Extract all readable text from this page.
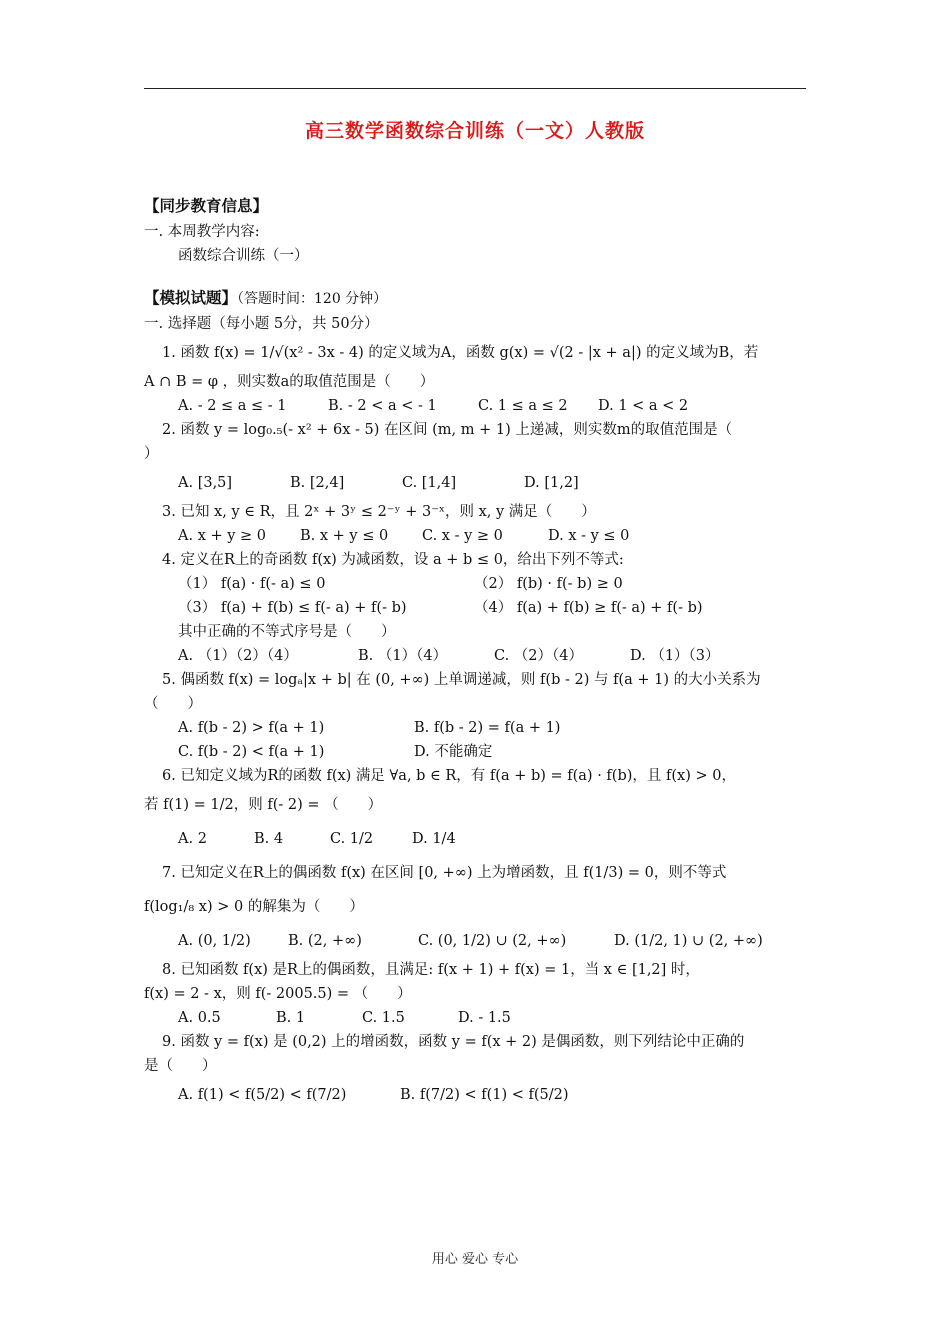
高三数学函数综合训练（一文）人教版
【同步教育信息】
一. 本周教学内容:
函数综合训练（一）
【模拟试题】（答题时间：120 分钟）
一. 选择题（每小题 5分，共 50分）
1. 函数 f(x) = 1/√(x² - 3x - 4) 的定义域为A，函数 g(x) = √(2 - |x + a|) 的定义域为B，若
A ∩ B = φ ，则实数a的取值范围是（　　）
A. - 2 ≤ a ≤ - 1	B. - 2 < a < - 1	C. 1 ≤ a ≤ 2 D. 1 < a < 2
2. 函数 y = log₀.₅(- x² + 6x - 5) 在区间 (m, m + 1) 上递减，则实数m的取值范围是（
）
A. [3,5]	B. [2,4]	C. [1,4]	D. [1,2]
3. 已知 x, y ∈ R，且 2ˣ + 3ʸ ≤ 2⁻ʸ + 3⁻ˣ，则 x, y 满足（　　）
A. x + y ≥ 0 B. x + y ≤ 0 C. x - y ≥ 0	D. x - y ≤ 0
4. 定义在R上的奇函数 f(x) 为减函数，设 a + b ≤ 0，给出下列不等式:
（1） f(a) · f(- a) ≤ 0	（2） f(b) · f(- b) ≥ 0
（3） f(a) + f(b) ≤ f(- a) + f(- b)	（4） f(a) + f(b) ≥ f(- a) + f(- b)
其中正确的不等式序号是（　　）
A. （1）（2）（4）	B. （1）（4）	C. （2）（4）	D. （1）（3）
5. 偶函数 f(x) = logₐ|x + b| 在 (0, +∞) 上单调递减，则 f(b - 2) 与 f(a + 1) 的大小关系为
（　　）
A. f(b - 2) > f(a + 1)	B. f(b - 2) = f(a + 1)
C. f(b - 2) < f(a + 1)	D. 不能确定
6. 已知定义域为R的函数 f(x) 满足 ∀a, b ∈ R，有 f(a + b) = f(a) · f(b)，且 f(x) > 0，
若 f(1) = 1/2，则 f(- 2) = （　　）
A. 2	B. 4	C. 1/2	D. 1/4
7. 已知定义在R上的偶函数 f(x) 在区间 [0, +∞) 上为增函数，且 f(1/3) = 0，则不等式
f(log₁/₈ x) > 0 的解集为（　　）
A. (0, 1/2)	B. (2, +∞)	C. (0, 1/2) ∪ (2, +∞)	D. (1/2, 1) ∪ (2, +∞)
8. 已知函数 f(x) 是R上的偶函数，且满足: f(x + 1) + f(x) = 1，当 x ∈ [1,2] 时，
f(x) = 2 - x，则 f(- 2005.5) = （　　）
A. 0.5	B. 1	C. 1.5	D. - 1.5
9. 函数 y = f(x) 是 (0,2) 上的增函数，函数 y = f(x + 2) 是偶函数，则下列结论中正确的
是（　　）
A. f(1) < f(5/2) < f(7/2)	B. f(7/2) < f(1) < f(5/2)
用心 爱心 专心
